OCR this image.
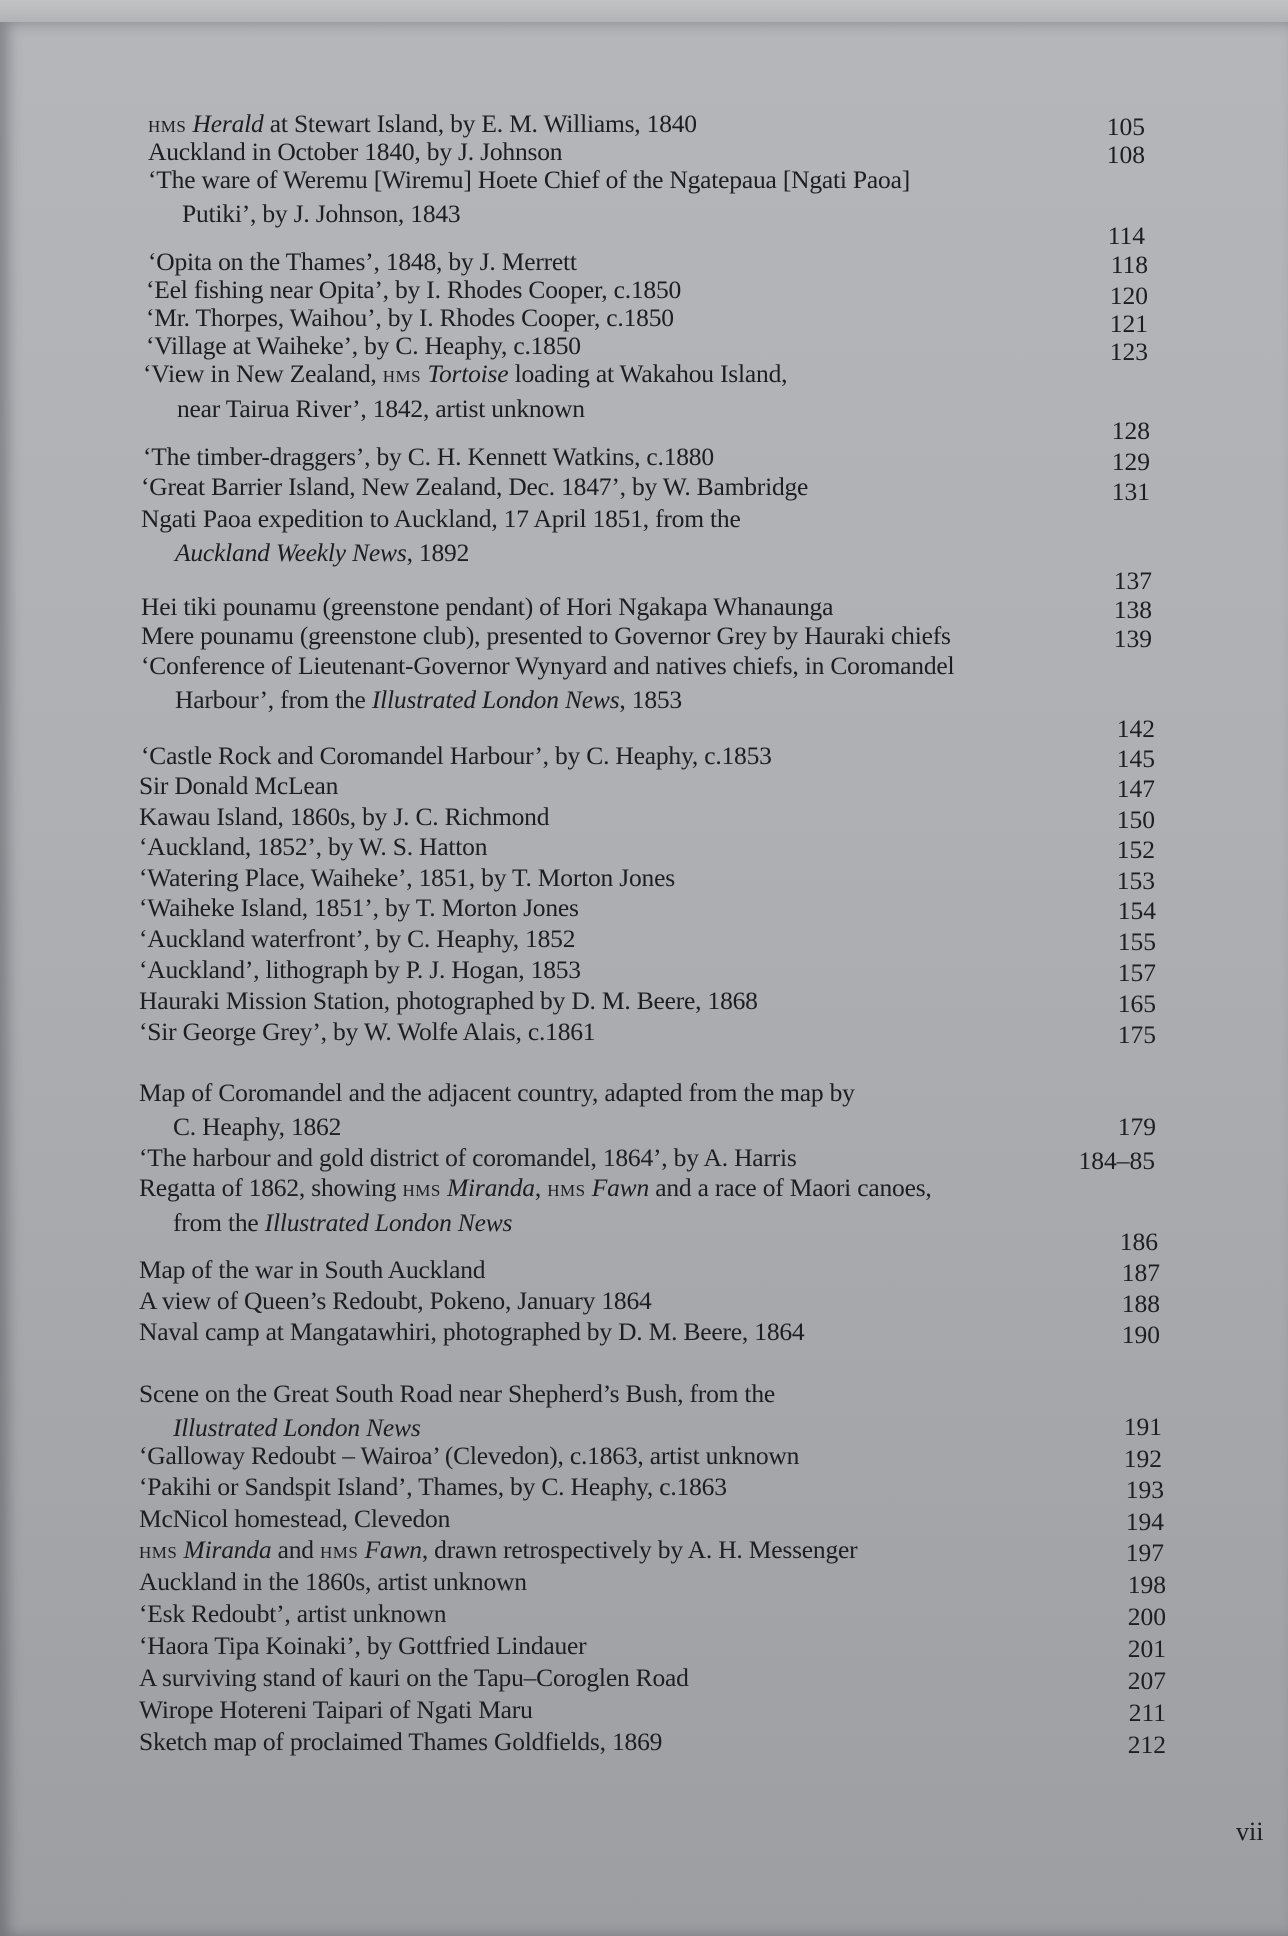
hms Herald at Stewart Island, by E. M. Williams, 1840	105
Auckland in October 1840, by J. Johnson	108
‘The ware of Weremu [Wiremu] Hoete Chief of the Ngatepaua [Ngati Paoa]
Putiki’, by J. Johnson, 1843
114
‘Opita on the Thames’, 1848, by J. Merrett	118
‘Eel fishing near Opita’, by I. Rhodes Cooper, c.1850	120
‘Mr. Thorpes, Waihou’, by I. Rhodes Cooper, c.1850	121
‘Village at Waiheke’, by C. Heaphy, c.1850	123
‘View in New Zealand, hms Tortoise loading at Wakahou Island,
near Tairua River’, 1842, artist unknown
128
‘The timber-draggers’, by C. H. Kennett Watkins, c.1880	129
‘Great Barrier Island, New Zealand, Dec. 1847’, by W. Bambridge	131
Ngati Paoa expedition to Auckland, 17 April 1851, from the
Auckland Weekly News, 1892
137
Hei tiki pounamu (greenstone pendant) of Hori Ngakapa Whanaunga	138
Mere pounamu (greenstone club), presented to Governor Grey by Hauraki chiefs	139
‘Conference of Lieutenant-Governor Wynyard and natives chiefs, in Coromandel
Harbour’, from the Illustrated London News, 1853
142
‘Castle Rock and Coromandel Harbour’, by C. Heaphy, c.1853	145
Sir Donald McLean	147
Kawau Island, 1860s, by J. C. Richmond	150
‘Auckland, 1852’, by W. S. Hatton	152
‘Watering Place, Waiheke’, 1851, by T. Morton Jones	153
‘Waiheke Island, 1851’, by T. Morton Jones	154
‘Auckland waterfront’, by C. Heaphy, 1852	155
‘Auckland’, lithograph by P. J. Hogan, 1853	157
Hauraki Mission Station, photographed by D. M. Beere, 1868	165
‘Sir George Grey’, by W. Wolfe Alais, c.1861	175
Map of Coromandel and the adjacent country, adapted from the map by
C. Heaphy, 1862	179
‘The harbour and gold district of coromandel, 1864’, by A. Harris	184–85
Regatta of 1862, showing hms Miranda, hms Fawn and a race of Maori canoes,
from the Illustrated London News
186
Map of the war in South Auckland	187
A view of Queen’s Redoubt, Pokeno, January 1864	188
Naval camp at Mangatawhiri, photographed by D. M. Beere, 1864	190
Scene on the Great South Road near Shepherd’s Bush, from the
Illustrated London News	191
‘Galloway Redoubt – Wairoa’ (Clevedon), c.1863, artist unknown	192
‘Pakihi or Sandspit Island’, Thames, by C. Heaphy, c.1863	193
McNicol homestead, Clevedon	194
hms Miranda and hms Fawn, drawn retrospectively by A. H. Messenger	197
Auckland in the 1860s, artist unknown	198
‘Esk Redoubt’, artist unknown	200
‘Haora Tipa Koinaki’, by Gottfried Lindauer	201
A surviving stand of kauri on the Tapu–Coroglen Road	207
Wirope Hotereni Taipari of Ngati Maru	211
Sketch map of proclaimed Thames Goldfields, 1869	212
vii
